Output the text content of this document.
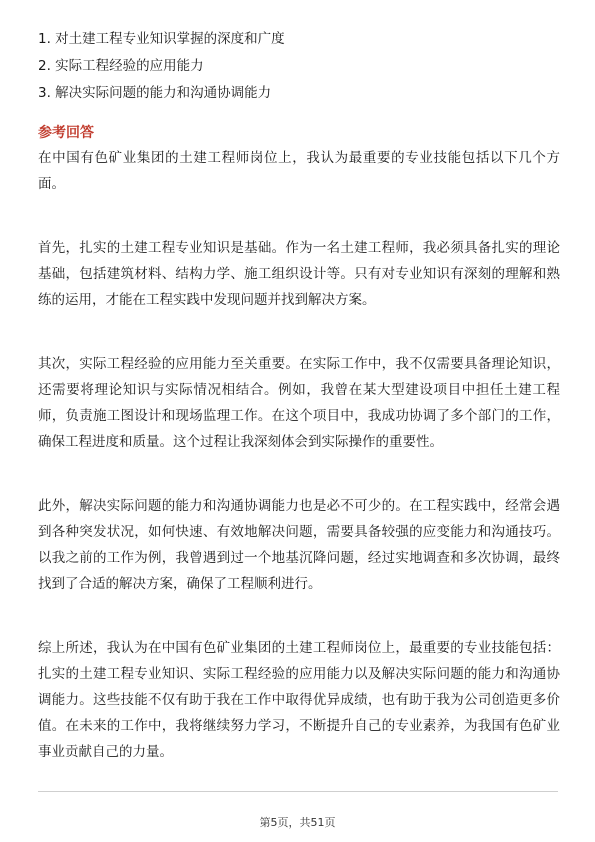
1. 对土建工程专业知识掌握的深度和广度
2. 实际工程经验的应用能力
3. 解决实际问题的能力和沟通协调能力
参考回答

在中国有色矿业集团的土建工程师岗位上，我认为最重要的专业技能包括以下几个方面。

首先，扎实的土建工程专业知识是基础。作为一名土建工程师，我必须具备扎实的理论基础，包括建筑材料、结构力学、施工组织设计等。只有对专业知识有深刻的理解和熟练的运用，才能在工程实践中发现问题并找到解决方案。

其次，实际工程经验的应用能力至关重要。在实际工作中，我不仅需要具备理论知识，还需要将理论知识与实际情况相结合。例如，我曾在某大型建设项目中担任土建工程师，负责施工图设计和现场监理工作。在这个项目中，我成功协调了多个部门的工作，确保工程进度和质量。这个过程让我深刻体会到实际操作的重要性。

此外，解决实际问题的能力和沟通协调能力也是必不可少的。在工程实践中，经常会遇到各种突发状况，如何快速、有效地解决问题，需要具备较强的应变能力和沟通技巧。以我之前的工作为例，我曾遇到过一个地基沉降问题，经过实地调查和多次协调，最终找到了合适的解决方案，确保了工程顺利进行。

综上所述，我认为在中国有色矿业集团的土建工程师岗位上，最重要的专业技能包括：扎实的土建工程专业知识、实际工程经验的应用能力以及解决实际问题的能力和沟通协调能力。这些技能不仅有助于我在工作中取得优异成绩，也有助于我为公司创造更多价值。在未来的工作中，我将继续努力学习，不断提升自己的专业素养，为我国有色矿业事业贡献自己的力量。

第5页，共51页
